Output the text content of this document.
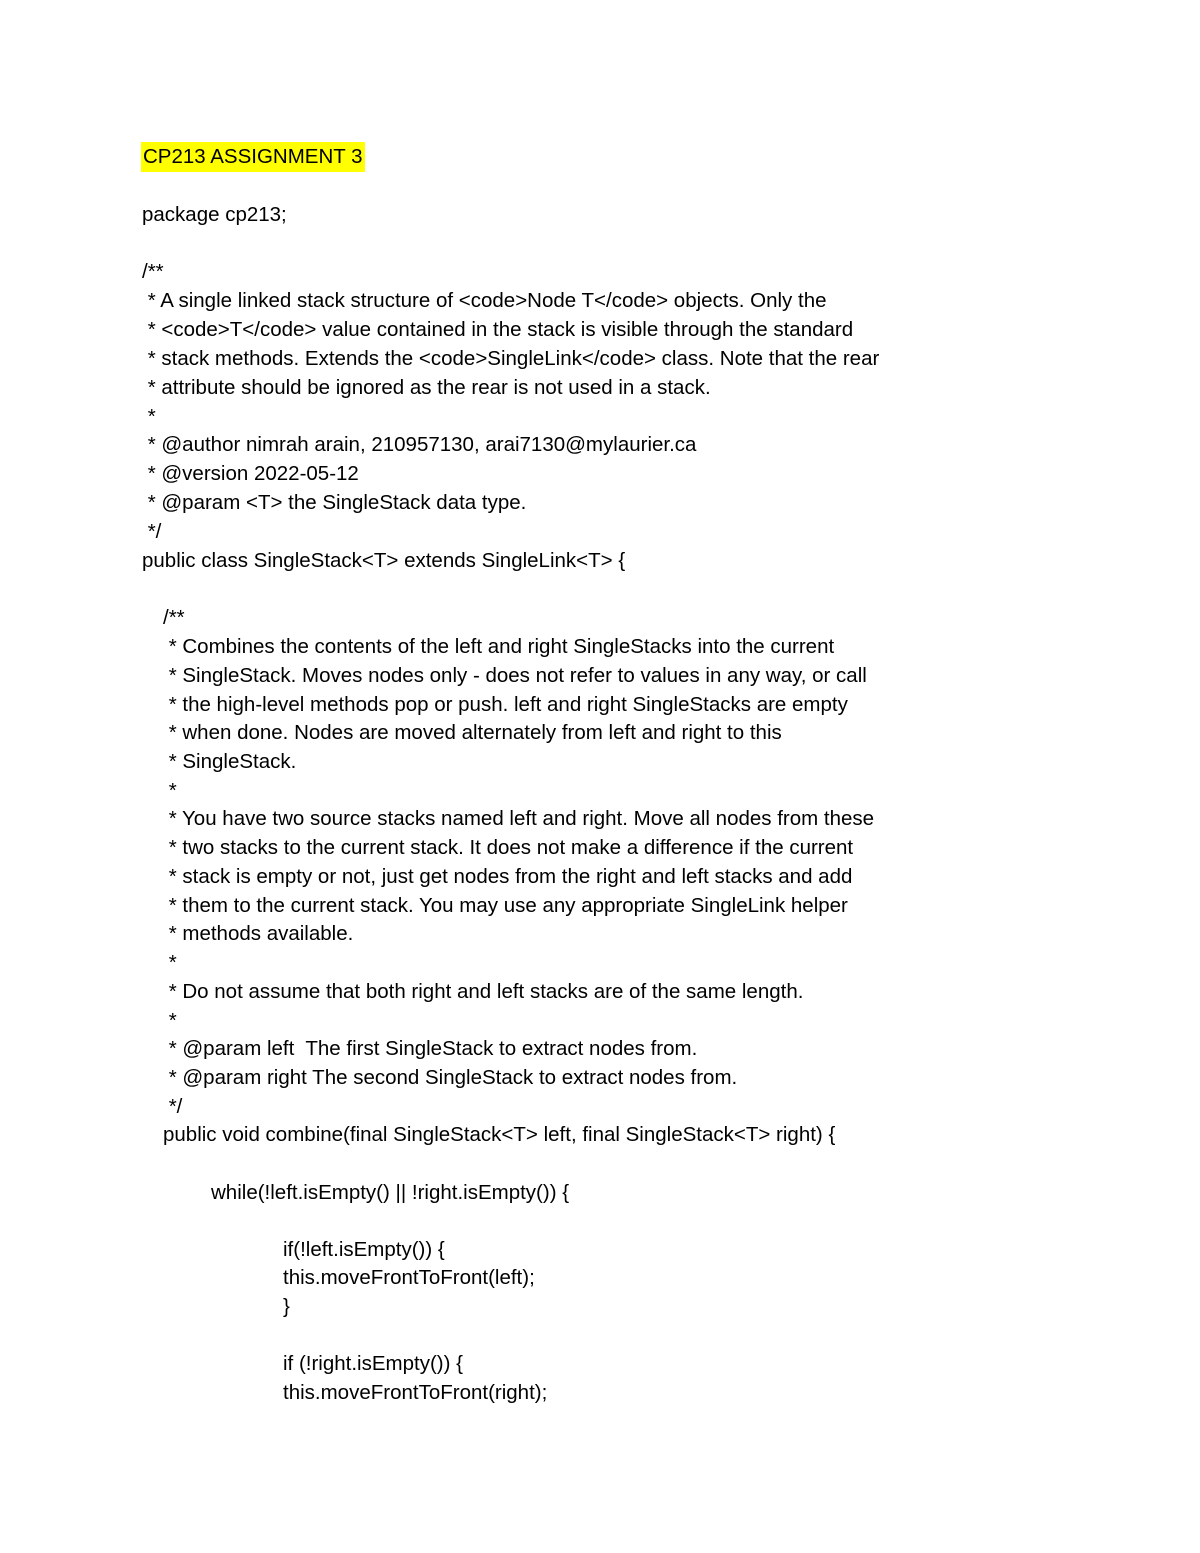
CP213 ASSIGNMENT 3
package cp213;
/**
* A single linked stack structure of <code>Node T</code> objects. Only the
* <code>T</code> value contained in the stack is visible through the standard
* stack methods. Extends the <code>SingleLink</code> class. Note that the rear
* attribute should be ignored as the rear is not used in a stack.
*
* @author nimrah arain, 210957130, arai7130@mylaurier.ca
* @version 2022-05-12
* @param <T> the SingleStack data type.
*/
public class SingleStack<T> extends SingleLink<T> {
/**
* Combines the contents of the left and right SingleStacks into the current
* SingleStack. Moves nodes only - does not refer to values in any way, or call
* the high-level methods pop or push. left and right SingleStacks are empty
* when done. Nodes are moved alternately from left and right to this
* SingleStack.
*
* You have two source stacks named left and right. Move all nodes from these
* two stacks to the current stack. It does not make a difference if the current
* stack is empty or not, just get nodes from the right and left stacks and add
* them to the current stack. You may use any appropriate SingleLink helper
* methods available.
*
* Do not assume that both right and left stacks are of the same length.
*
* @param left  The first SingleStack to extract nodes from.
* @param right The second SingleStack to extract nodes from.
*/
public void combine(final SingleStack<T> left, final SingleStack<T> right) {
while(!left.isEmpty() || !right.isEmpty()) {
if(!left.isEmpty()) {
this.moveFrontToFront(left);
}
if (!right.isEmpty()) {
this.moveFrontToFront(right);
